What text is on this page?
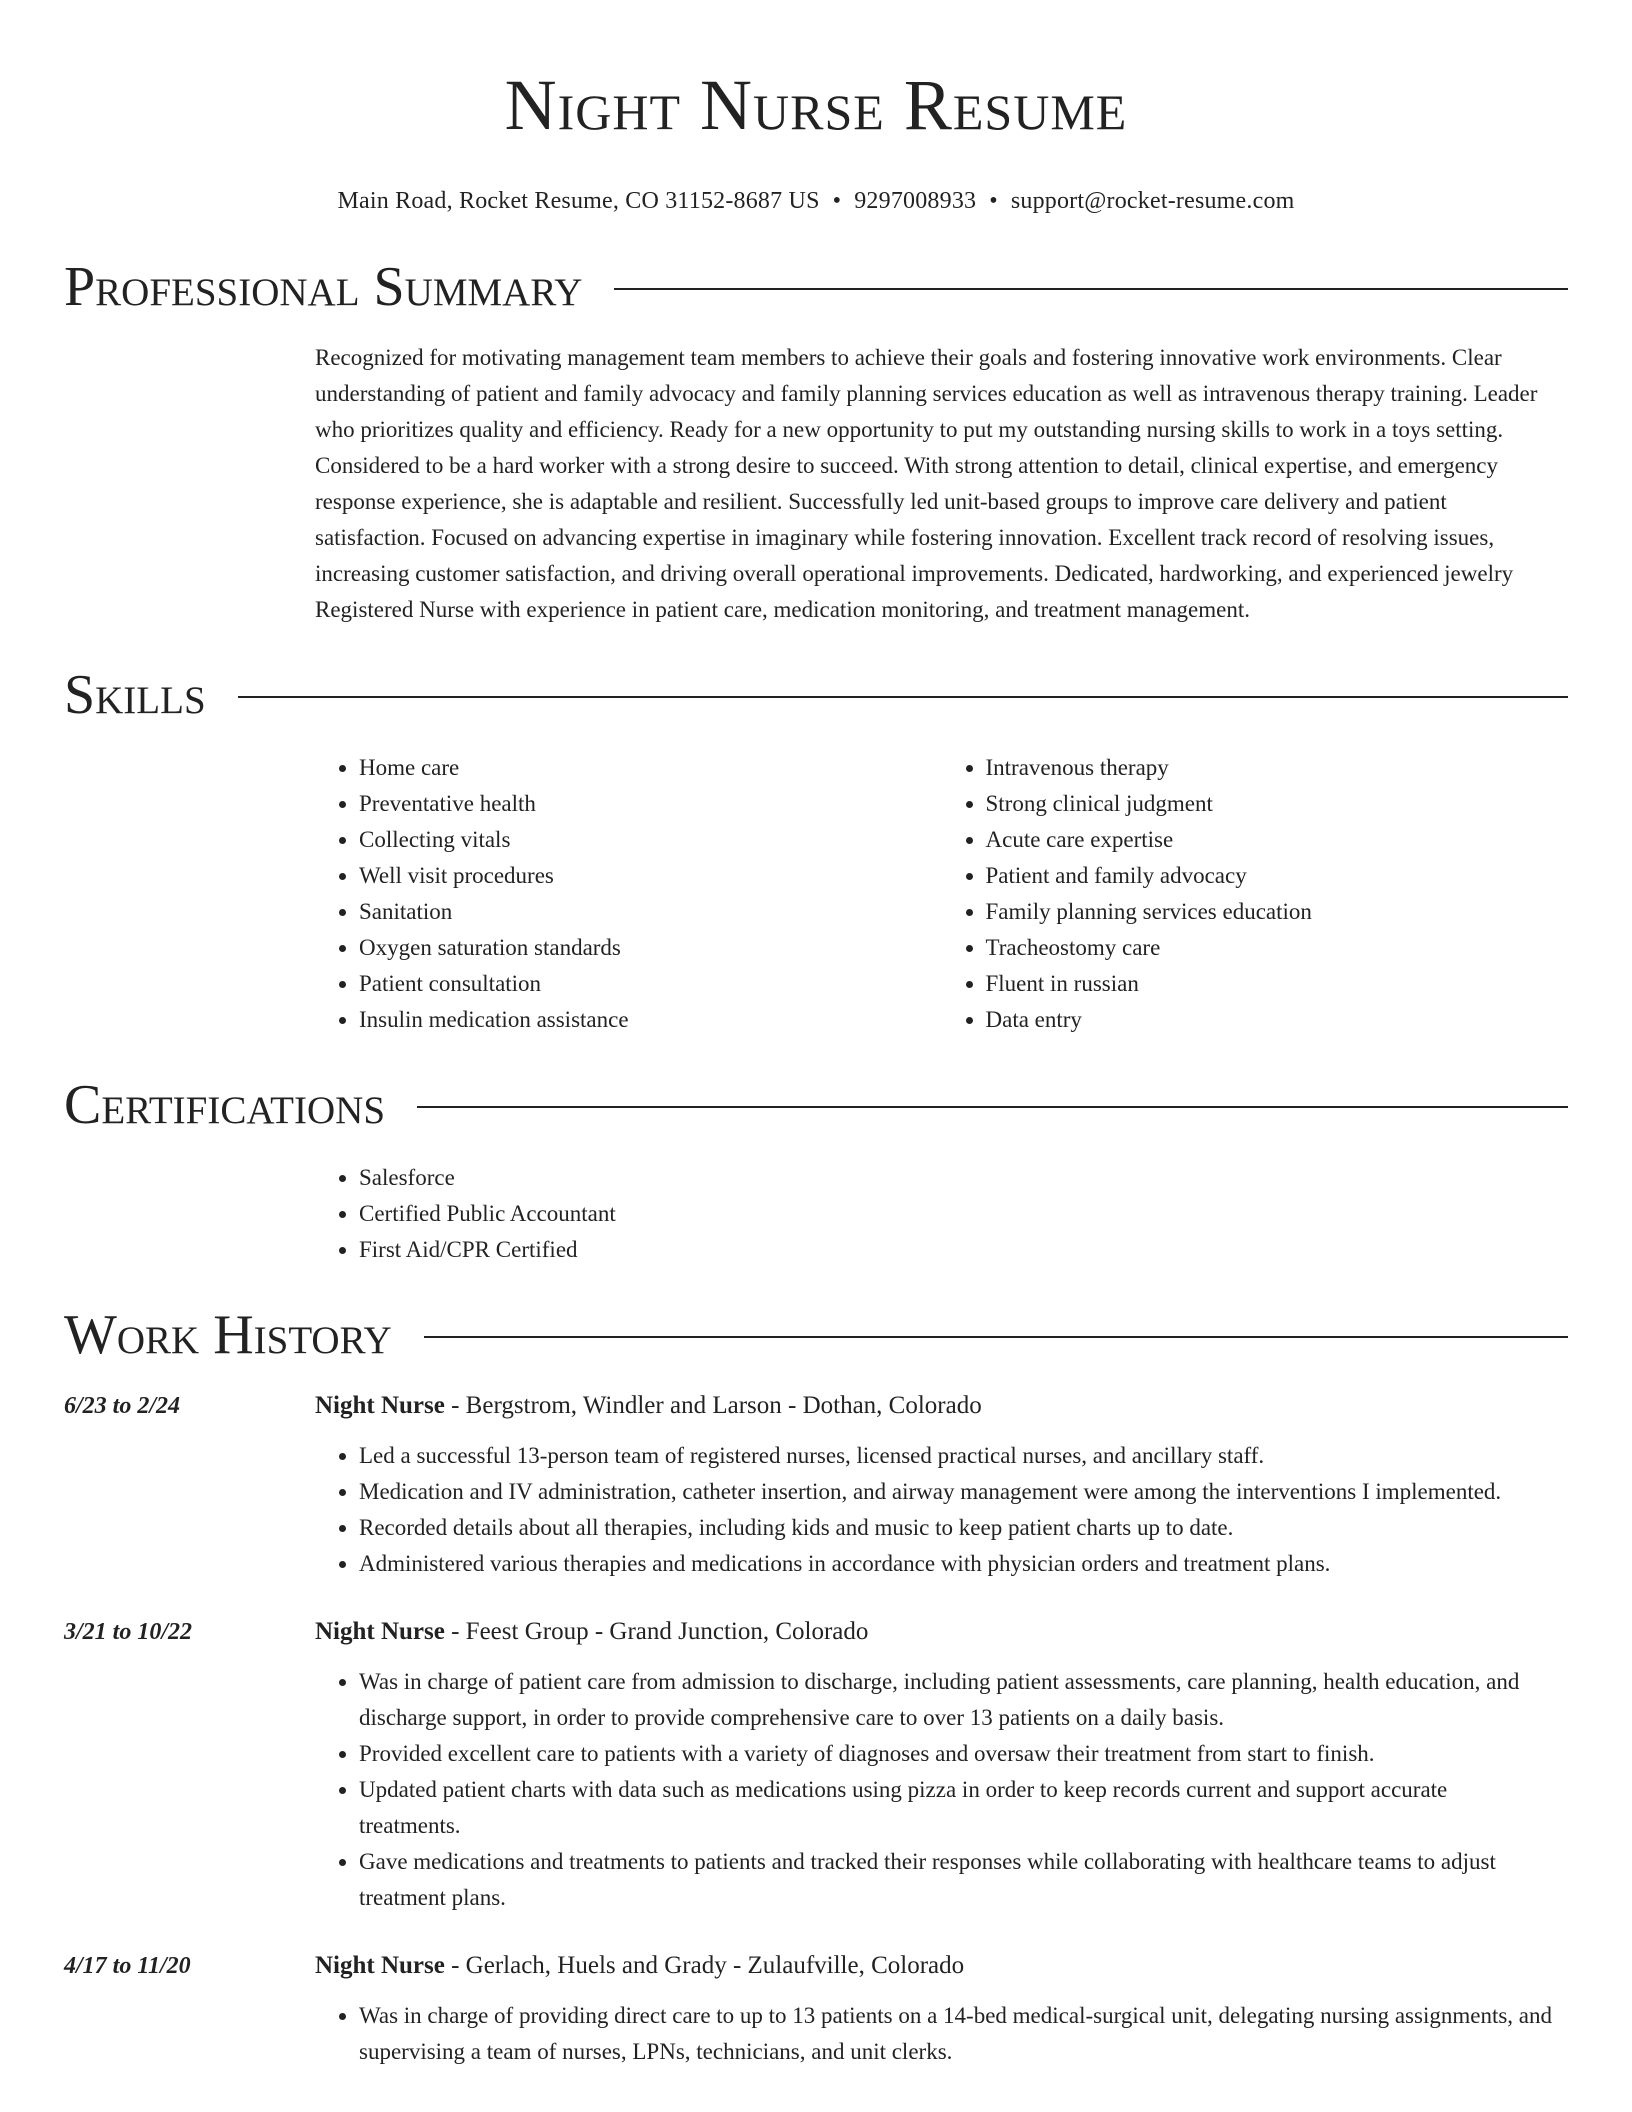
Night Nurse Resume
Main Road, Rocket Resume, CO 31152-8687 US • 9297008933 • support@rocket-resume.com
Professional Summary
Recognized for motivating management team members to achieve their goals and fostering innovative work environments. Clear understanding of patient and family advocacy and family planning services education as well as intravenous therapy training. Leader who prioritizes quality and efficiency. Ready for a new opportunity to put my outstanding nursing skills to work in a toys setting. Considered to be a hard worker with a strong desire to succeed. With strong attention to detail, clinical expertise, and emergency response experience, she is adaptable and resilient. Successfully led unit-based groups to improve care delivery and patient satisfaction. Focused on advancing expertise in imaginary while fostering innovation. Excellent track record of resolving issues, increasing customer satisfaction, and driving overall operational improvements. Dedicated, hardworking, and experienced jewelry Registered Nurse with experience in patient care, medication monitoring, and treatment management.
Skills
• Home care
• Preventative health
• Collecting vitals
• Well visit procedures
• Sanitation
• Oxygen saturation standards
• Patient consultation
• Insulin medication assistance
• Intravenous therapy
• Strong clinical judgment
• Acute care expertise
• Patient and family advocacy
• Family planning services education
• Tracheostomy care
• Fluent in russian
• Data entry
Certifications
• Salesforce
• Certified Public Accountant
• First Aid/CPR Certified
Work History
6/23 to 2/24	Night Nurse - Bergstrom, Windler and Larson - Dothan, Colorado
• Led a successful 13-person team of registered nurses, licensed practical nurses, and ancillary staff.
• Medication and IV administration, catheter insertion, and airway management were among the interventions I implemented.
• Recorded details about all therapies, including kids and music to keep patient charts up to date.
• Administered various therapies and medications in accordance with physician orders and treatment plans.
3/21 to 10/22	Night Nurse - Feest Group - Grand Junction, Colorado
• Was in charge of patient care from admission to discharge, including patient assessments, care planning, health education, and discharge support, in order to provide comprehensive care to over 13 patients on a daily basis.
• Provided excellent care to patients with a variety of diagnoses and oversaw their treatment from start to finish.
• Updated patient charts with data such as medications using pizza in order to keep records current and support accurate treatments.
• Gave medications and treatments to patients and tracked their responses while collaborating with healthcare teams to adjust treatment plans.
4/17 to 11/20	Night Nurse - Gerlach, Huels and Grady - Zulaufville, Colorado
• Was in charge of providing direct care to up to 13 patients on a 14-bed medical-surgical unit, delegating nursing assignments, and supervising a team of nurses, LPNs, technicians, and unit clerks.
